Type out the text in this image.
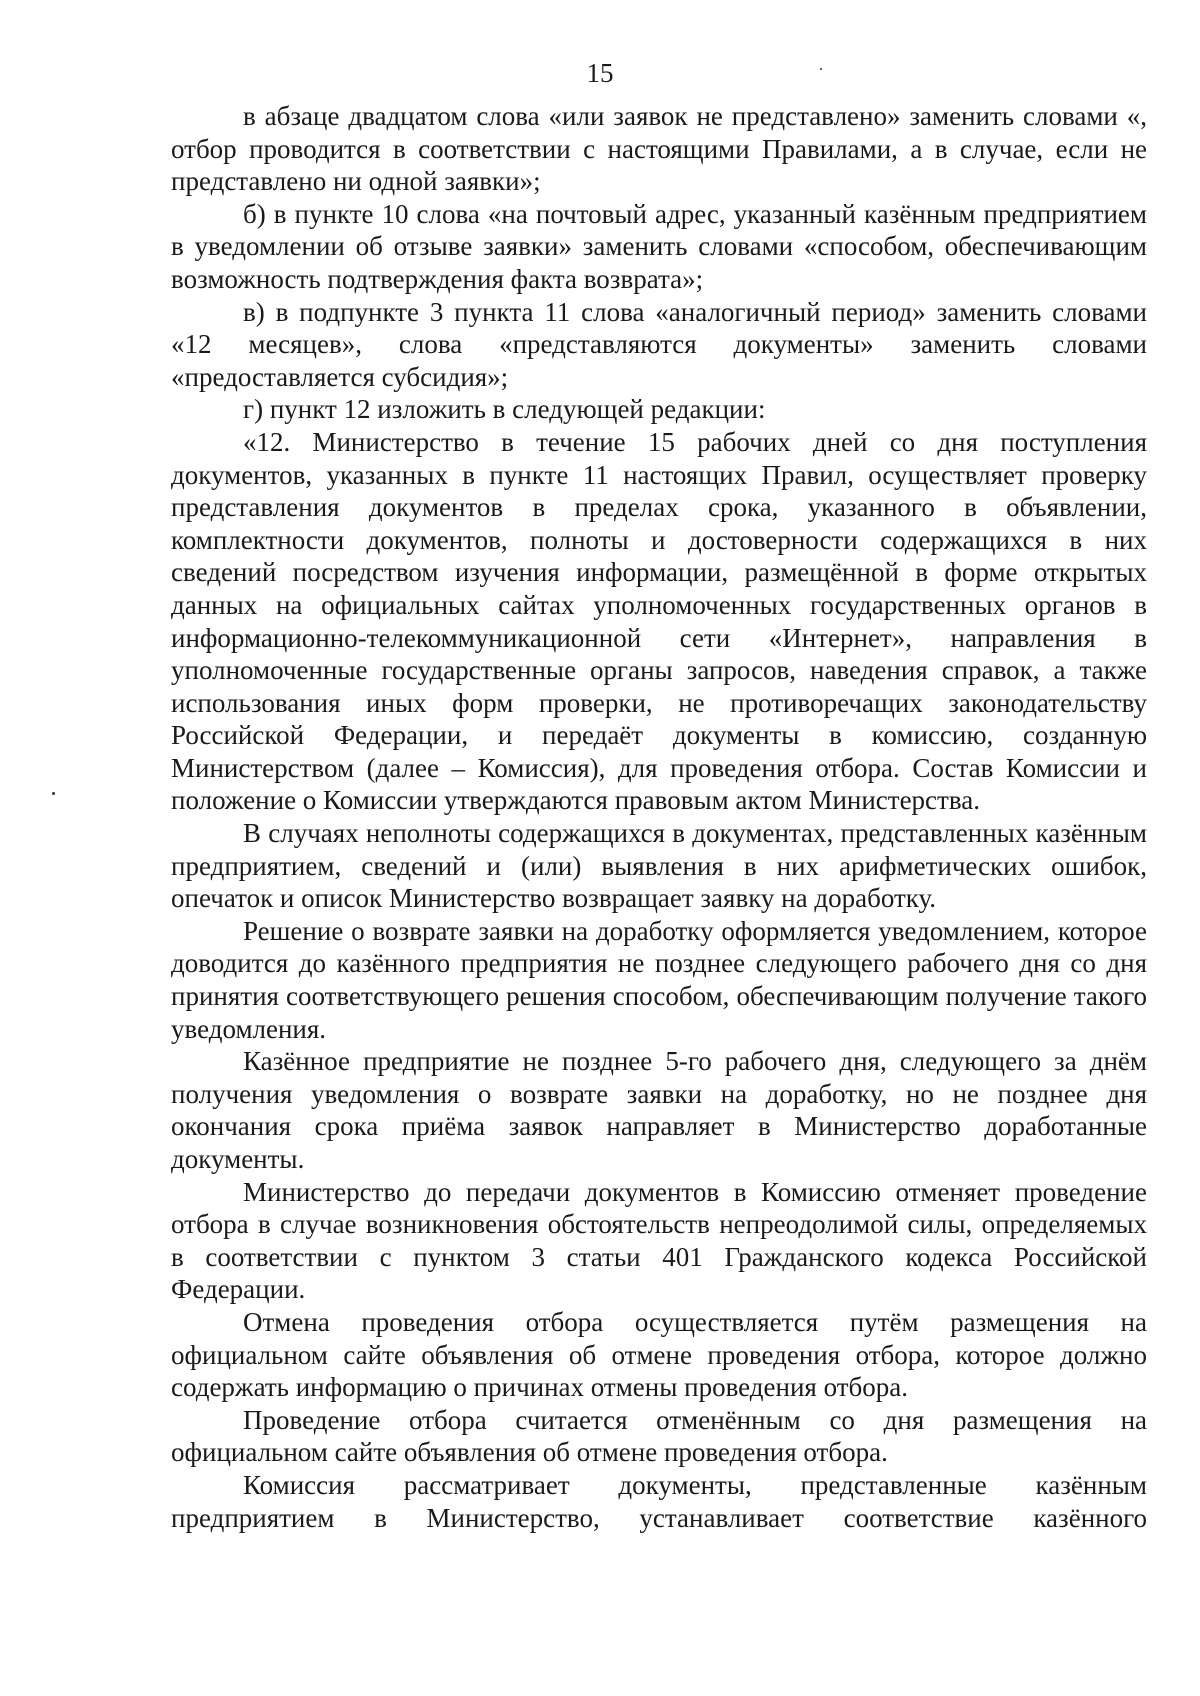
15

в абзаце двадцатом слова «или заявок не представлено» заменить словами «, отбор проводится в соответствии с настоящими Правилами, а в случае, если не представлено ни одной заявки»;

б) в пункте 10 слова «на почтовый адрес, указанный казённым предприятием в уведомлении об отзыве заявки» заменить словами «способом, обеспечивающим возможность подтверждения факта возврата»;

в) в подпункте 3 пункта 11 слова «аналогичный период» заменить словами «12 месяцев», слова «представляются документы» заменить словами «предоставляется субсидия»;

г) пункт 12 изложить в следующей редакции:

«12. Министерство в течение 15 рабочих дней со дня поступления документов, указанных в пункте 11 настоящих Правил, осуществляет проверку представления документов в пределах срока, указанного в объявлении, комплектности документов, полноты и достоверности содержащихся в них сведений посредством изучения информации, размещённой в форме открытых данных на официальных сайтах уполномоченных государственных органов в информационно-телекоммуникационной сети «Интернет», направления в уполномоченные государственные органы запросов, наведения справок, а также использования иных форм проверки, не противоречащих законодательству Российской Федерации, и передаёт документы в комиссию, созданную Министерством (далее – Комиссия), для проведения отбора. Состав Комиссии и положение о Комиссии утверждаются правовым актом Министерства.

В случаях неполноты содержащихся в документах, представленных казённым предприятием, сведений и (или) выявления в них арифметических ошибок, опечаток и описок Министерство возвращает заявку на доработку.

Решение о возврате заявки на доработку оформляется уведомлением, которое доводится до казённого предприятия не позднее следующего рабочего дня со дня принятия соответствующего решения способом, обеспечивающим получение такого уведомления.

Казённое предприятие не позднее 5-го рабочего дня, следующего за днём получения уведомления о возврате заявки на доработку, но не позднее дня окончания срока приёма заявок направляет в Министерство доработанные документы.

Министерство до передачи документов в Комиссию отменяет проведение отбора в случае возникновения обстоятельств непреодолимой силы, определяемых в соответствии с пунктом 3 статьи 401 Гражданского кодекса Российской Федерации.

Отмена проведения отбора осуществляется путём размещения на официальном сайте объявления об отмене проведения отбора, которое должно содержать информацию о причинах отмены проведения отбора.

Проведение отбора считается отменённым со дня размещения на официальном сайте объявления об отмене проведения отбора.

Комиссия рассматривает документы, представленные казённым предприятием в Министерство, устанавливает соответствие казённого
